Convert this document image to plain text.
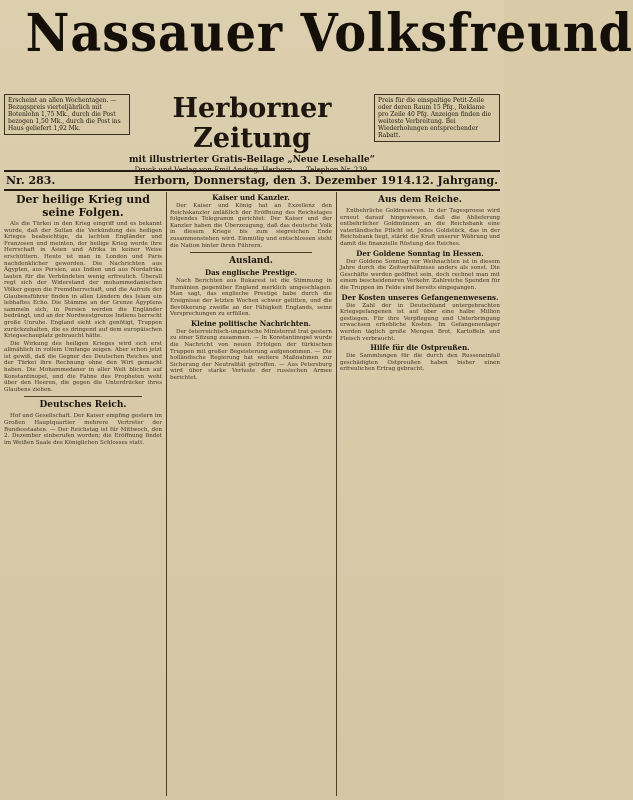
Nassauer Volksfreund
Erscheint an allen Wochentagen. — Bezugspreis vierteljährlich mit Botenlohn 1,75 Mk., durch die Post bezogen 1,50 Mk., durch die Post ins Haus geliefert 1,92 Mk.
Herborner Zeitung
mit illustrierter Gratis-Beilage „Neue Lesehalle“
Druck und Verlag von Emil Anding, Herborn. — Telephon Nr. 239.
Preis für die einspaltige Petit-Zeile oder deren Raum 15 Pfg., Reklame pro Zeile 40 Pfg. Anzeigen finden die weiteste Verbreitung. Bei Wiederholungen entsprechender Rabatt.
Nr. 283.	Herborn, Donnerstag, den 3. Dezember 1914. 12. Jahrgang.
Der heilige Krieg und seine Folgen.

Als die Türkei in den Krieg eingriff und es bekannt wurde, daß der Sultan die Verkündung des heiligen Krieges beabsichtige, da lachten Engländer und Franzosen und meinten, der heilige Krieg werde ihre Herrschaft in Asien und Afrika in keiner Weise erschüttern. Heute ist man in London und Paris nachdenklicher geworden. Die Nachrichten aus Ägypten, aus Persien, aus Indien und aus Nordafrika lauten für die Verbündeten wenig erfreulich. Überall regt sich der Widerstand der mohammedanischen Völker gegen die Fremdherrschaft, und die Aufrufe der Glaubensführer finden in allen Ländern des Islam ein lebhaftes Echo. Die Stämme an der Grenze Ägyptens sammeln sich, in Persien werden die Engländer bedrängt, und an der Nordwestgrenze Indiens herrscht große Unruhe. England sieht sich genötigt, Truppen zurückzuhalten, die es dringend auf dem europäischen Kriegsschauplatz gebraucht hätte.

Die Wirkung des heiligen Krieges wird sich erst allmählich in vollem Umfange zeigen. Aber schon jetzt ist gewiß, daß die Gegner des Deutschen Reiches und der Türkei ihre Rechnung ohne den Wirt gemacht haben. Die Mohammedaner in aller Welt blicken auf Konstantinopel, und die Fahne des Propheten weht über den Heeren, die gegen die Unterdrücker ihres Glaubens ziehen.

Deutsches Reich.

Hof und Gesellschaft. Der Kaiser empfing gestern im Großen Hauptquartier mehrere Vertreter der Bundesstaaten. — Der Reichstag ist für Mittwoch, den 2. Dezember einberufen worden; die Eröffnung findet im Weißen Saale des Königlichen Schlosses statt.

Kaiser und Kanzler.

Der Kaiser und König hat an Exzellenz den Reichskanzler anläßlich der Eröffnung des Reichstages folgendes Telegramm gerichtet: Der Kaiser und der Kanzler haben die Überzeugung, daß das deutsche Volk in diesem Kriege bis zum siegreichen Ende zusammenstehen wird. Einmütig und entschlossen steht die Nation hinter ihren Führern.

Ausland.
Das englische Prestige.

Nach Berichten aus Bukarest ist die Stimmung in Rumänien gegenüber England merklich umgeschlagen. Man sagt, das englische Prestige habe durch die Ereignisse der letzten Wochen schwer gelitten, und die Bevölkerung zweifle an der Fähigkeit Englands, seine Versprechungen zu erfüllen.

Kleine politische Nachrichten.

Der österreichisch-ungarische Ministerrat trat gestern zu einer Sitzung zusammen. — In Konstantinopel wurde die Nachricht von neuen Erfolgen der türkischen Truppen mit großer Begeisterung aufgenommen. — Die holländische Regierung hat weitere Maßnahmen zur Sicherung der Neutralität getroffen. — Aus Petersburg wird über starke Verluste der russischen Armee berichtet.

Aus dem Reiche.

Entbehrliche Goldreserven. In der Tagespresse wird erneut darauf hingewiesen, daß die Ablieferung entbehrlicher Goldmünzen an die Reichsbank eine vaterländische Pflicht ist. Jedes Goldstück, das in der Reichsbank liegt, stärkt die Kraft unserer Währung und damit die finanzielle Rüstung des Reiches.

Der Goldene Sonntag in Hessen.

Der Goldene Sonntag vor Weihnachten ist in diesem Jahre durch die Zeitverhältnisse anders als sonst. Die Geschäfte werden geöffnet sein, doch rechnet man mit einem bescheideneren Verkehr. Zahlreiche Spenden für die Truppen im Felde sind bereits eingegangen.

Der Kosten unseres Gefangenenwesens.

Die Zahl der in Deutschland untergebrachten Kriegsgefangenen ist auf über eine halbe Million gestiegen. Für ihre Verpflegung und Unterbringung erwachsen erhebliche Kosten. Im Gefangenenlager werden täglich große Mengen Brot, Kartoffeln und Fleisch verbraucht.

Hilfe für die Ostpreußen.

Die Sammlungen für die durch den Russeneinfall geschädigten Ostpreußen haben bisher einen erfreulichen Ertrag gebracht.
